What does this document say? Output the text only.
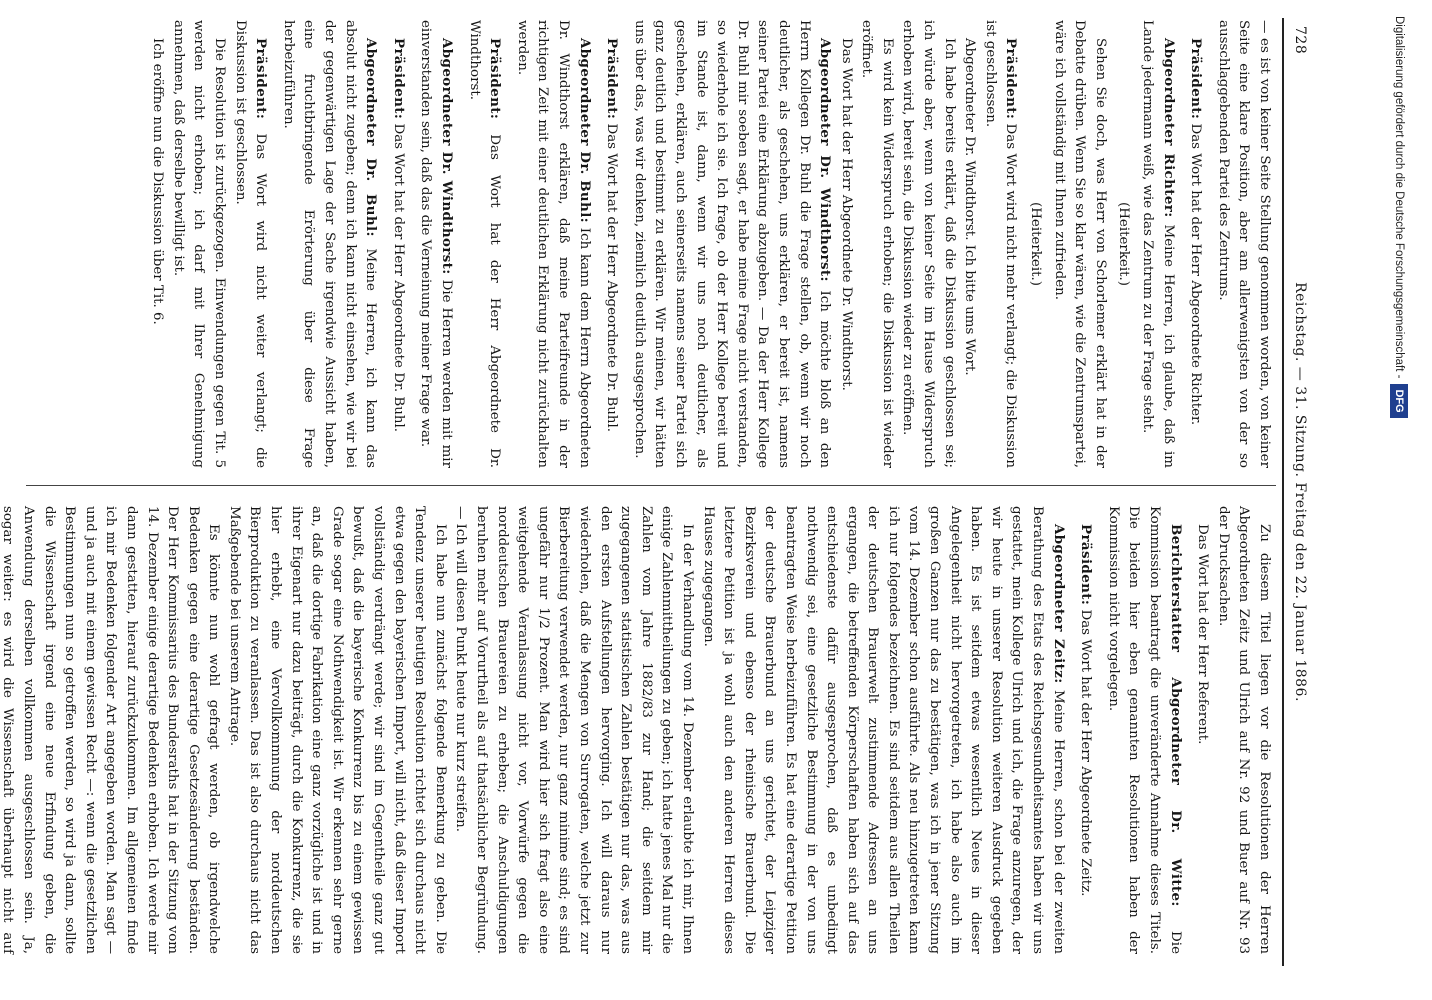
728
Reichstag. — 31. Sitzung. Freitag den 22. Januar 1886.

— es ist von keiner Seite Stellung genommen worden, von keiner Seite eine klare Position, aber am allerwenigsten von der so ausschlaggebenden Partei des Zentrums.

Präsident: Das Wort hat der Herr Abgeordnete Richter.

Abgeordneter Richter: Meine Herren, ich glaube, daß im Lande jedermann weiß, wie das Zentrum zu der Frage steht.

(Heiterkeit.)

Sehen Sie doch, was Herr von Schorlemer erklärt hat in der Debatte drüben. Wenn Sie so klar wären, wie die Zentrumspartei, wäre ich vollständig mit Ihnen zufrieden.

(Heiterkeit.)

Präsident: Das Wort wird nicht mehr verlangt; die Diskussion ist geschlossen.

Abgeordneter Dr. Windthorst. Ich bitte ums Wort.

Ich habe bereits erklärt, daß die Diskussion geschlossen sei; ich würde aber, wenn von keiner Seite im Hause Widerspruch erhoben wird, bereit sein, die Diskussion wieder zu eröffnen.

Es wird kein Widerspruch erhoben; die Diskussion ist wieder eröffnet.

Das Wort hat der Herr Abgeordnete Dr. Windthorst.

Abgeordneter Dr. Windthorst: Ich möchte bloß an den Herrn Kollegen Dr. Buhl die Frage stellen, ob, wenn wir noch deutlicher, als geschehen, uns erklären, er bereit ist, namens seiner Partei eine Erklärung abzugeben. — Da der Herr Kollege Dr. Buhl mir soeben sagt, er habe meine Frage nicht verstanden, so wiederhole ich sie. Ich frage, ob der Herr Kollege bereit und im Stande ist, dann, wenn wir uns noch deutlicher, als geschehen, erklären, auch seinerseits namens seiner Partei sich ganz deutlich und bestimmt zu erklären. Wir meinen, wir hätten uns über das, was wir denken, ziemlich deutlich ausgesprochen.

Präsident: Das Wort hat der Herr Abgeordnete Dr. Buhl.

Abgeordneter Dr. Buhl: Ich kann dem Herrn Abgeordneten Dr. Windthorst erklären, daß meine Parteifreunde in der richtigen Zeit mit einer deutlichen Erklärung nicht zurückhalten werden.

Präsident: Das Wort hat der Herr Abgeordnete Dr. Windthorst.

Abgeordneter Dr. Windthorst: Die Herren werden mit mir einverstanden sein, daß das die Verneinung meiner Frage war.

Präsident: Das Wort hat der Herr Abgeordnete Dr. Buhl.

Abgeordneter Dr. Buhl: Meine Herren, ich kann das absolut nicht zugeben; denn ich kann nicht einsehen, wie wir bei der gegenwärtigen Lage der Sache irgendwie Aussicht haben, eine fruchtbringende Erörterung über diese Frage herbeizuführen.

Präsident: Das Wort wird nicht weiter verlangt; die Diskussion ist geschlossen.

Die Resolution ist zurückgezogen. Einwendungen gegen Tit. 5 werden nicht erhoben; ich darf mit Ihrer Genehmigung annehmen, daß derselbe bewilligt ist.

Ich eröffne nun die Diskussion über Tit. 6.

Zu diesem Titel liegen vor die Resolutionen der Herren Abgeordneten Zeitz und Ulrich auf Nr. 92 und Buer auf Nr. 93 der Drucksachen.

Das Wort hat der Herr Referent.

Berichterstatter Abgeordneter Dr. Witte: Die Kommission beantragt die unveränderte Annahme dieses Titels. Die beiden hier eben genannten Resolutionen haben der Kommission nicht vorgelegen.

Präsident: Das Wort hat der Herr Abgeordnete Zeitz.

Abgeordneter Zeitz: Meine Herren, schon bei der zweiten Berathung des Etats des Reichsgesundheitsamtes haben wir uns gestattet, mein Kollege Ulrich und ich, die Frage anzuregen, der wir heute in unserer Resolution weiteren Ausdruck gegeben haben. Es ist seitdem etwas wesentlich Neues in dieser Angelegenheit nicht hervorgetreten, ich habe also auch im großen Ganzen nur das zu bestätigen, was ich in jener Sitzung vom 14. Dezember schon ausführte. Als neu hinzugetreten kann ich nur folgendes bezeichnen. Es sind seitdem aus allen Theilen der deutschen Brauerwelt zustimmende Adressen an uns ergangen, die betreffenden Körperschaften haben sich auf das entschiedenste dafür ausgesprochen, daß es unbedingt nothwendig sei, eine gesetzliche Bestimmung in der von uns beantragten Weise herbeizuführen. Es hat eine derartige Petition der deutsche Brauerbund an uns gerichtet, der Leipziger Bezirksverein und ebenso der rheinische Brauerbund. Die letztere Petition ist ja wohl auch den anderen Herren dieses Hauses zugegangen.

In der Verhandlung vom 14. Dezember erlaubte ich mir, Ihnen einige Zahlenmittheilungen zu geben; ich hatte jenes Mal nur die Zahlen vom Jahre 1882/83 zur Hand; die seitdem mir zugegangenen statistischen Zahlen bestätigen nur das, was aus den ersten Aufstellungen hervorging. Ich will daraus nur wiederholen, daß die Mengen von Surrogaten, welche jetzt zur Bierbereitung verwendet werden, nur ganz minime sind; es sind ungefähr nur 1/2 Prozent. Man wird hier sich fragt also eine weitgehende Veranlassung nicht vor, Vorwürfe gegen die norddeutschen Brauereien zu erheben; die Anschuldigungen beruhen mehr auf Vorurtheil als auf thatsächlicher Begründung. — Ich will diesen Punkt heute nur kurz streifen.

Ich habe nun zunächst folgende Bemerkung zu geben. Die Tendenz unserer heutigen Resolution richtet sich durchaus nicht etwa gegen den bayerischen Import, will nicht, daß dieser Import vollständig verdrängt werde; wir sind im Gegentheile ganz gut bewußt, daß die bayerische Konkurrenz bis zu einem gewissen Grade sogar eine Nothwendigkeit ist. Wir erkennen sehr gerne an, daß die dortige Fabrikation eine ganz vorzügliche ist und in ihrer Eigenart nur dazu beiträgt, durch die Konkurrenz, die sie hier erhebt, eine Vervollkommnung der norddeutschen Bierproduktion zu veranlassen. Das ist also durchaus nicht das Maßgebende bei unserem Antrage.

Es könnte nun wohl gefragt werden, ob irgendwelche Bedenken gegen eine derartige Gesetzesänderung beständen. Der Herr Kommissarius des Bundesraths hat in der Sitzung vom 14. Dezember einige derartige Bedenken erhoben. Ich werde mir dann gestatten, hierauf zurückzukommen. Im allgemeinen finde ich mir Bedenken folgender Art angegeben worden. Man sagt — und ja auch mit einem gewissen Recht —: wenn die gesetzlichen Bestimmungen nun so getroffen werden, so wird ja dann, sollte die Wissenschaft irgend eine neue Erfindung geben, die Anwendung derselben vollkommen ausgeschlossen sein. Ja, sogar weiter: es wird die Wissenschaft überhaupt nicht auf

Digitalisierung gefördert durch die Deutsche Forschungsgemeinschaft -DFG
